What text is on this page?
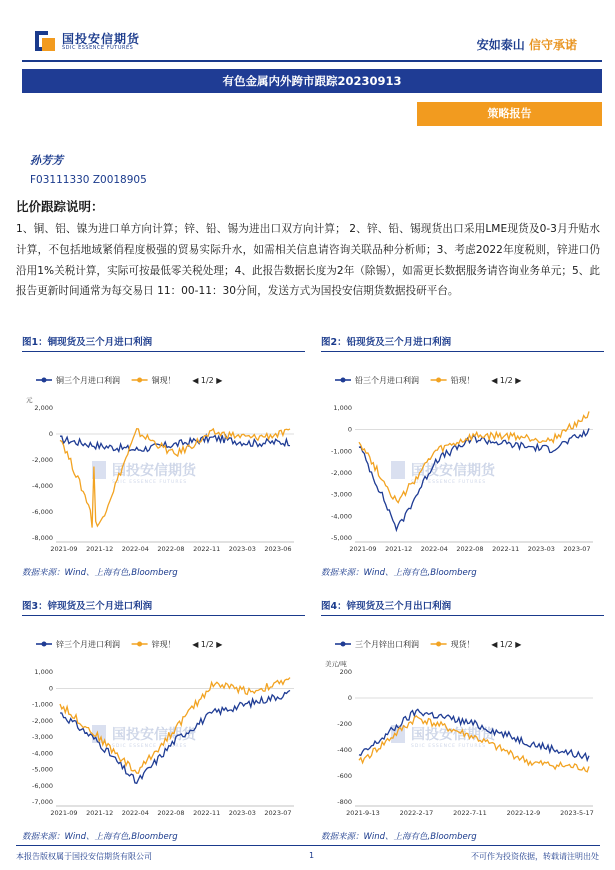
国投安信期货
SDIC ESSENCE FUTURES	安如泰山 信守承诺
有色金属内外跨市跟踪20230913
策略报告
孙芳芳
F03111330 Z0018905
比价跟踪说明：
1、铜、铝、镍为进口单方向计算；锌、铅、锡为进出口双方向计算； 2、锌、铅、锡现货出口采用LME现货及0-3月升贴水计算，不包括地域紧俏程度极强的贸易实际升水，如需相关信息请咨询关联品种分析师；3、考虑2022年度税则，锌进口仍沿用1%关税计算，实际可按最低零关税处理；4、此报告数据长度为2年（除锡），如需更长数据服务请咨询业务单元；5、此报告更新时间通常为每交易日 11：00-11：30分间，发送方式为国投安信期货数据投研平台。
图1：铜现货及三个月进口利润
铜三个月进口利润	铜现！ ◀ 1/2 ▶
元
国投安信期货
SDIC ESSENCE FUTURES
2,000
0
-2,000
-4,000
-6,000
-8,000
2021-09 2021-12 2022-04 2022-08 2022-11 2023-03 2023-06
数据来源：Wind、上海有色,Bloomberg
图2：铅现货及三个月进口利润
铅三个月进口利润	铅现！ ◀ 1/2 ▶
国投安信期货
SDIC ESSENCE FUTURES
1,000
0
-1,000
-2,000
-3,000
-4,000
-5,000
2021-09 2021-12 2022-04 2022-08 2022-11 2023-03 2023-07
数据来源：Wind、上海有色,Bloomberg
图3：锌现货及三个月进口利润
锌三个月进口利润	锌现！ ◀ 1/2 ▶
国投安信期货
SDIC ESSENCE FUTURES
1,000
0
-1,000
-2,000
-3,000
-4,000
-5,000
-6,000
-7,000
2021-09 2021-12 2022-04 2022-08 2022-11 2023-03 2023-07
数据来源：Wind、上海有色,Bloomberg
图4：锌现货及三个月出口利润
三个月锌出口利润	现货！ ◀ 1/2 ▶
美元/吨
国投安信期货
SDIC ESSENCE FUTURES
200
0
-200
-400
-600
-800
2021-9-13	2022-2-17	2022-7-11	2022-12-9	2023-5-17
数据来源：Wind、上海有色,Bloomberg
本报告版权属于国投安信期货有限公司	1	不可作为投资依据，转载请注明出处
